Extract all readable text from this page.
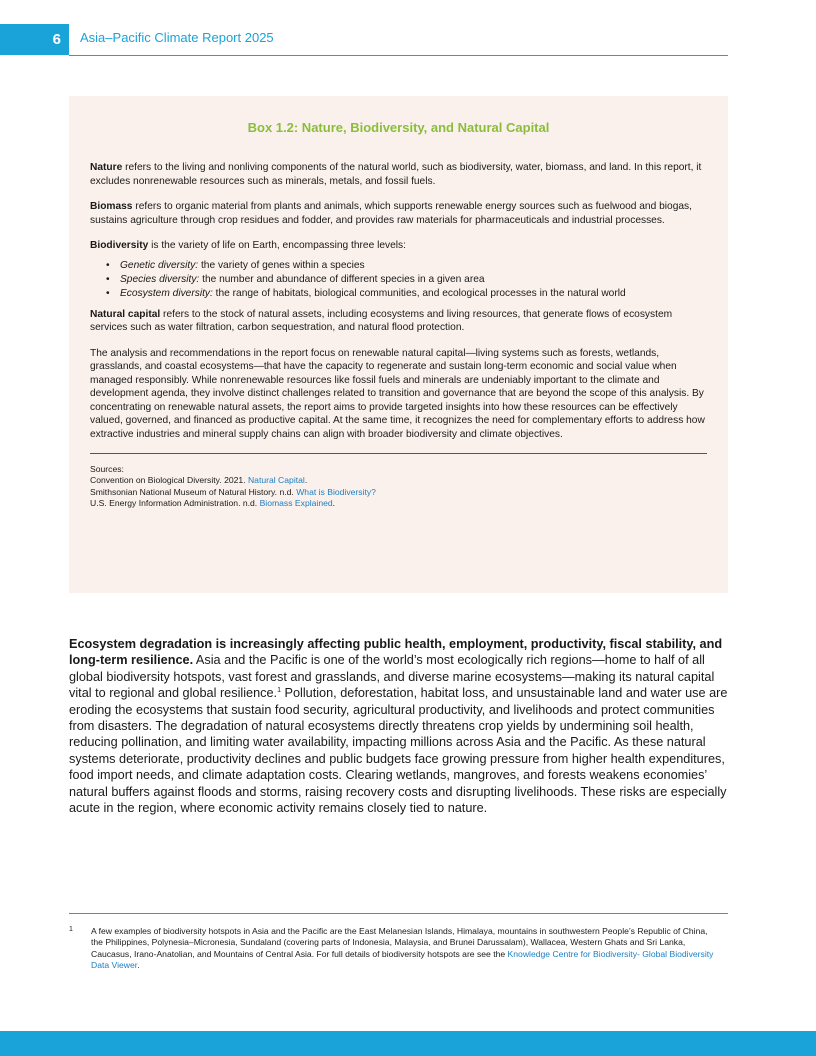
6	Asia–Pacific Climate Report 2025
Box 1.2: Nature, Biodiversity, and Natural Capital

Nature refers to the living and nonliving components of the natural world, such as biodiversity, water, biomass, and land. In this report, it excludes nonrenewable resources such as minerals, metals, and fossil fuels.

Biomass refers to organic material from plants and animals, which supports renewable energy sources such as fuelwood and biogas, sustains agriculture through crop residues and fodder, and provides raw materials for pharmaceuticals and industrial processes.

Biodiversity is the variety of life on Earth, encompassing three levels:

• Genetic diversity: the variety of genes within a species
• Species diversity: the number and abundance of different species in a given area
• Ecosystem diversity: the range of habitats, biological communities, and ecological processes in the natural world

Natural capital refers to the stock of natural assets, including ecosystems and living resources, that generate flows of ecosystem services such as water filtration, carbon sequestration, and natural flood protection.

The analysis and recommendations in the report focus on renewable natural capital—living systems such as forests, wetlands, grasslands, and coastal ecosystems—that have the capacity to regenerate and sustain long-term economic and social value when managed responsibly. While nonrenewable resources like fossil fuels and minerals are undeniably important to the climate and development agenda, they involve distinct challenges related to transition and governance that are beyond the scope of this analysis. By concentrating on renewable natural assets, the report aims to provide targeted insights into how these resources can be effectively valued, governed, and financed as productive capital. At the same time, it recognizes the need for complementary efforts to address how extractive industries and mineral supply chains can align with broader biodiversity and climate objectives.

Sources:
Convention on Biological Diversity. 2021. Natural Capital.
Smithsonian National Museum of Natural History. n.d. What is Biodiversity?
U.S. Energy Information Administration. n.d. Biomass Explained.

Ecosystem degradation is increasingly affecting public health, employment, productivity, fiscal stability, and long-term resilience. Asia and the Pacific is one of the world’s most ecologically rich regions—home to half of all global biodiversity hotspots, vast forest and grasslands, and diverse marine ecosystems—making its natural capital vital to regional and global resilience.$^1$ Pollution, deforestation, habitat loss, and unsustainable land and water use are eroding the ecosystems that sustain food security, agricultural productivity, and livelihoods and protect communities from disasters. The degradation of natural ecosystems directly threatens crop yields by undermining soil health, reducing pollination, and limiting water availability, impacting millions across Asia and the Pacific. As these natural systems deteriorate, productivity declines and public budgets face growing pressure from higher health expenditures, food import needs, and climate adaptation costs. Clearing wetlands, mangroves, and forests weakens economies’ natural buffers against floods and storms, raising recovery costs and disrupting livelihoods. These risks are especially acute in the region, where economic activity remains closely tied to nature.

1 A few examples of biodiversity hotspots in Asia and the Pacific are the East Melanesian Islands, Himalaya, mountains in southwestern People’s Republic of China, the Philippines, Polynesia–Micronesia, Sundaland (covering parts of Indonesia, Malaysia, and Brunei Darussalam), Wallacea, Western Ghats and Sri Lanka, Caucasus, Irano-Anatolian, and Mountains of Central Asia. For full details of biodiversity hotspots are see the Knowledge Centre for Biodiversity- Global Biodiversity Data Viewer.
